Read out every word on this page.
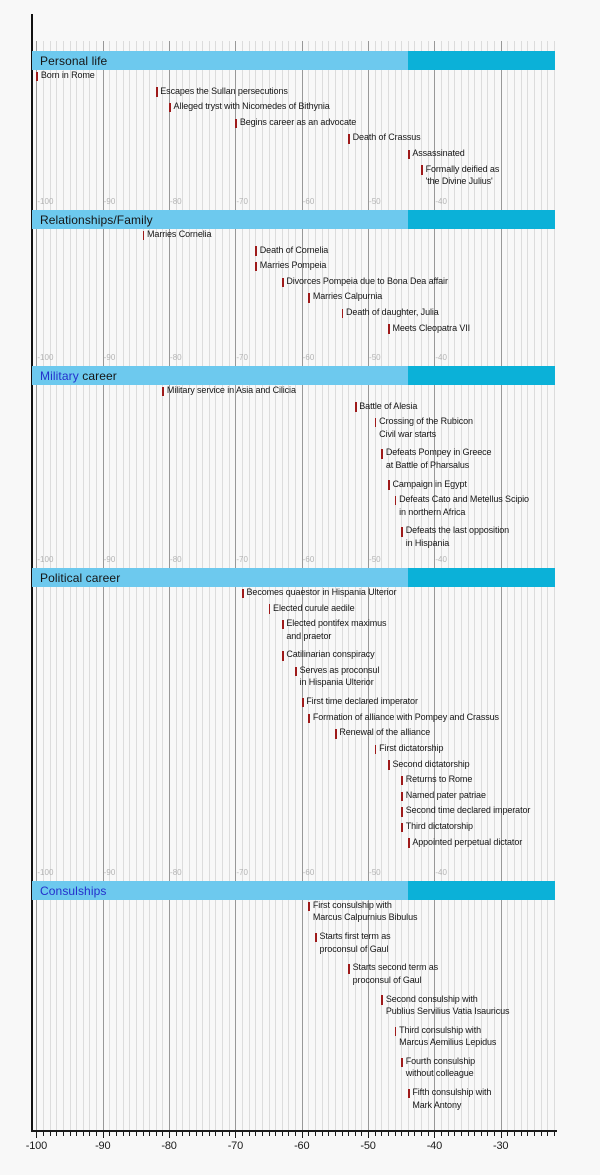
-100	-90	-80	-70	-60	-50	-40	-30
Personal life
Born in Rome
Escapes the Sullan persecutions
Alleged tryst with Nicomedes of Bithynia
Begins career as an advocate
Death of Crassus
Assassinated
Formally deified as
'the Divine Julius'
-100	-90	-80	-70	-60	-50	-40
Relationships/Family
Marries Cornelia
Death of Cornelia
Marries Pompeia
Divorces Pompeia due to Bona Dea affair
Marries Calpurnia
Death of daughter, Julia
Meets Cleopatra VII
-100	-90	-80	-70	-60	-50	-40
Military career
Military service in Asia and Cilicia
Battle of Alesia
Crossing of the Rubicon
Civil war starts
Defeats Pompey in Greece
at Battle of Pharsalus
Campaign in Egypt
Defeats Cato and Metellus Scipio
in northern Africa
Defeats the last opposition
in Hispania
-100	-90	-80	-70	-60	-50	-40
Political career
Becomes quaestor in Hispania Ulterior
Elected curule aedile
Elected pontifex maximus
and praetor
Catilinarian conspiracy
Serves as proconsul
in Hispania Ulterior
First time declared imperator
Formation of alliance with Pompey and Crassus
Renewal of the alliance
First dictatorship
Second dictatorship
Returns to Rome
Named pater patriae
Second time declared imperator
Third dictatorship
Appointed perpetual dictator
-100	-90	-80	-70	-60	-50	-40
Consulships
First consulship with
Marcus Calpurnius Bibulus
Starts first term as
proconsul of Gaul
Starts second term as
proconsul of Gaul
Second consulship with
Publius Servilius Vatia Isauricus
Third consulship with
Marcus Aemilius Lepidus
Fourth consulship
without colleague
Fifth consulship with
Mark Antony
